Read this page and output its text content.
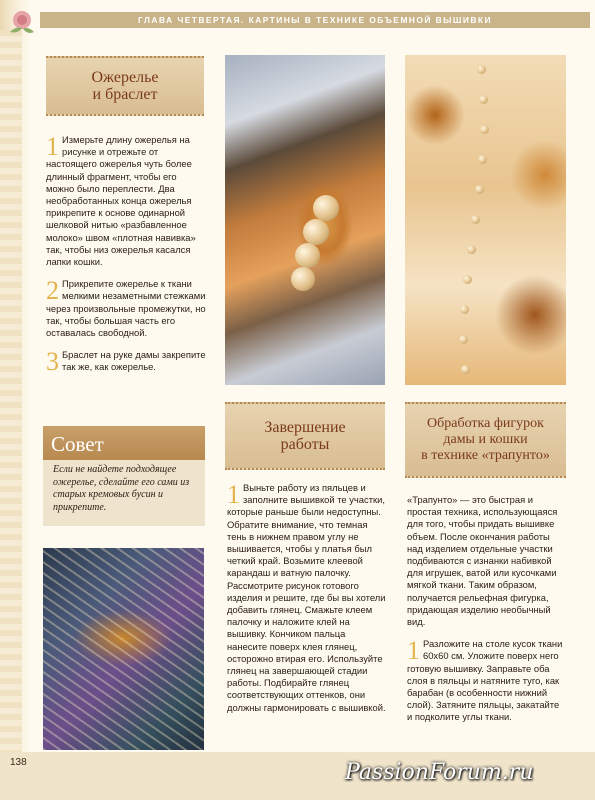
ГЛАВА ЧЕТВЕРТАЯ. КАРТИНЫ В ТЕХНИКЕ ОБЪЕМНОЙ ВЫШИВКИ
Ожерелье
и браслет

1 Измерьте длину ожерелья на рисунке и отрежьте от настоящего ожерелья чуть более длинный фрагмент, чтобы его можно было переплести. Два необработанных конца ожерелья прикрепите к основе одинарной шелковой нитью «разбавленное молоко» швом «плотная навивка» так, чтобы низ ожерелья касался лапки кошки.

2 Прикрепите ожерелье к ткани мелкими незаметными стежками через произвольные промежутки, но так, чтобы большая часть его оставалась свободной.

3 Браслет на руке дамы закрепите так же, как ожерелье.

Совет
Если не найдете подходящее ожерелье, сделайте его сами из старых кремовых бусин и прикрепите.
Завершение
работы

1 Выньте работу из пяльцев и заполните вышивкой те участки, которые раньше были недоступны. Обратите внимание, что темная тень в нижнем правом углу не вышивается, чтобы у платья был четкий край. Возьмите клеевой карандаш и ватную палочку. Рассмотрите рисунок готового изделия и решите, где бы вы хотели добавить глянец. Смажьте клеем палочку и наложите клей на вышивку. Кончиком пальца нанесите поверх клея глянец, осторожно втирая его. Используйте глянец на завершающей стадии работы. Подбирайте глянец соответствующих оттенков, они должны гармонировать с вышивкой.

Обработка фигурок
дамы и кошки
в технике «трапунто»

«Трапунто» — это быстрая и простая техника, использующаяся для того, чтобы придать вышивке объем. После окончания работы над изделием отдельные участки подбиваются с изнанки набивкой для игрушек, ватой или кусочками мягкой ткани. Таким образом, получается рельефная фигурка, придающая изделию необычный вид.

1 Разложите на столе кусок ткани 60х60 см. Уложите поверх него готовую вышивку. Заправьте оба слоя в пяльцы и натяните туго, как барабан (в особенности нижний слой). Затяните пяльцы, закатайте и подколите углы ткани.

138	PassionForum.ru
